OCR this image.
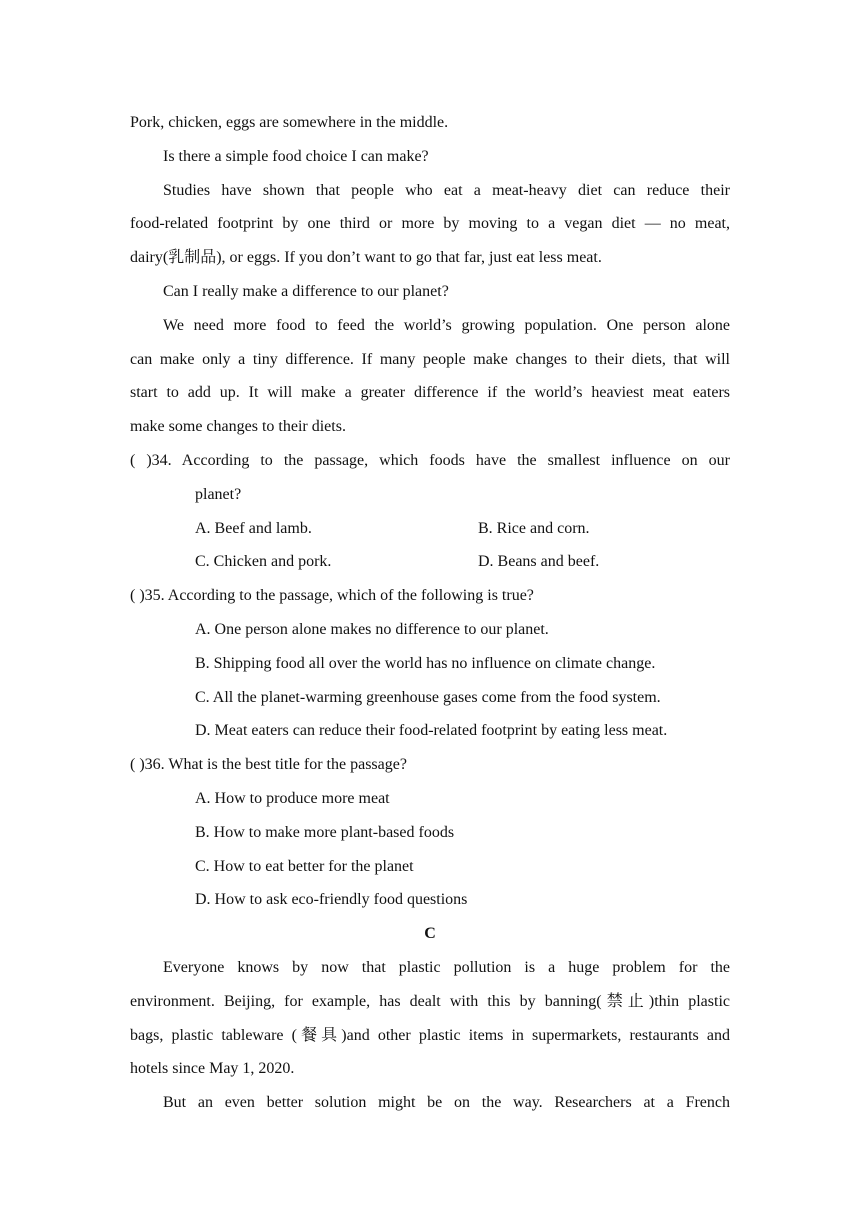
Pork, chicken, eggs are somewhere in the middle.
Is there a simple food choice I can make?
Studies have shown that people who eat a meat-heavy diet can reduce their
food-related footprint by one third or more by moving to a vegan diet — no meat,
dairy(乳制品), or eggs. If you don’t want to go that far, just eat less meat.
Can I really make a difference to our planet?
We need more food to feed the world’s growing population. One person alone
can make only a tiny difference. If many people make changes to their diets, that will
start to add up. It will make a greater difference if the world’s heaviest meat eaters
make some changes to their diets.
( )34. According to the passage, which foods have the smallest influence on our
planet?
A. Beef and lamb.	B. Rice and corn.
C. Chicken and pork.	D. Beans and beef.
( )35. According to the passage, which of the following is true?
A. One person alone makes no difference to our planet.
B. Shipping food all over the world has no influence on climate change.
C. All the planet-warming greenhouse gases come from the food system.
D. Meat eaters can reduce their food-related footprint by eating less meat.
( )36. What is the best title for the passage?
A. How to produce more meat
B. How to make more plant-based foods
C. How to eat better for the planet
D. How to ask eco-friendly food questions
C
Everyone knows by now that plastic pollution is a huge problem for the
environment. Beijing, for example, has dealt with this by banning(禁止)thin plastic
bags, plastic tableware (餐具)and other plastic items in supermarkets, restaurants and
hotels since May 1, 2020.
But an even better solution might be on the way. Researchers at a French
